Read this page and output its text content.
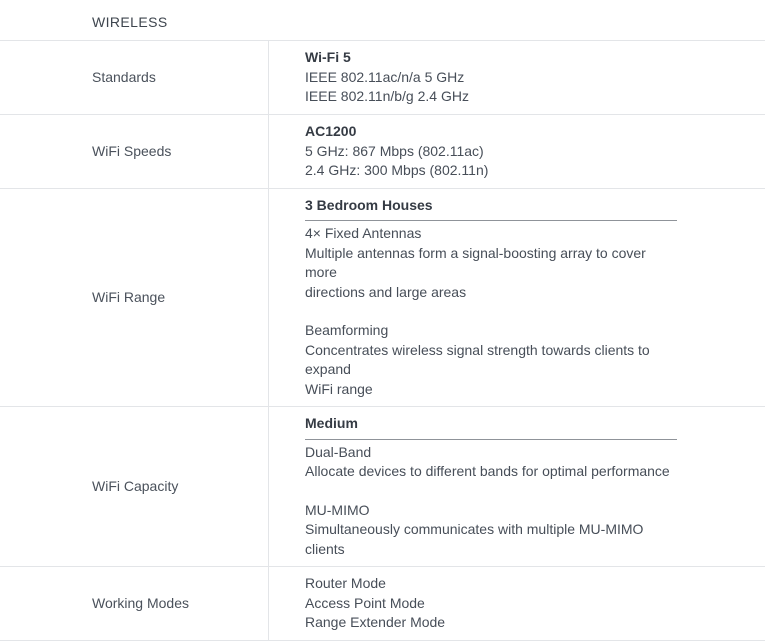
WIRELESS
Standards
Wi-Fi 5
IEEE 802.11ac/n/a 5 GHz
IEEE 802.11n/b/g 2.4 GHz
WiFi Speeds
AC1200
5 GHz: 867 Mbps (802.11ac)
2.4 GHz: 300 Mbps (802.11n)
WiFi Range
3 Bedroom Houses
4× Fixed Antennas
Multiple antennas form a signal-boosting array to cover more
directions and large areas
Beamforming
Concentrates wireless signal strength towards clients to expand
WiFi range
WiFi Capacity
Medium
Dual-Band
Allocate devices to different bands for optimal performance
MU-MIMO
Simultaneously communicates with multiple MU-MIMO clients
Working Modes
Router Mode
Access Point Mode
Range Extender Mode
